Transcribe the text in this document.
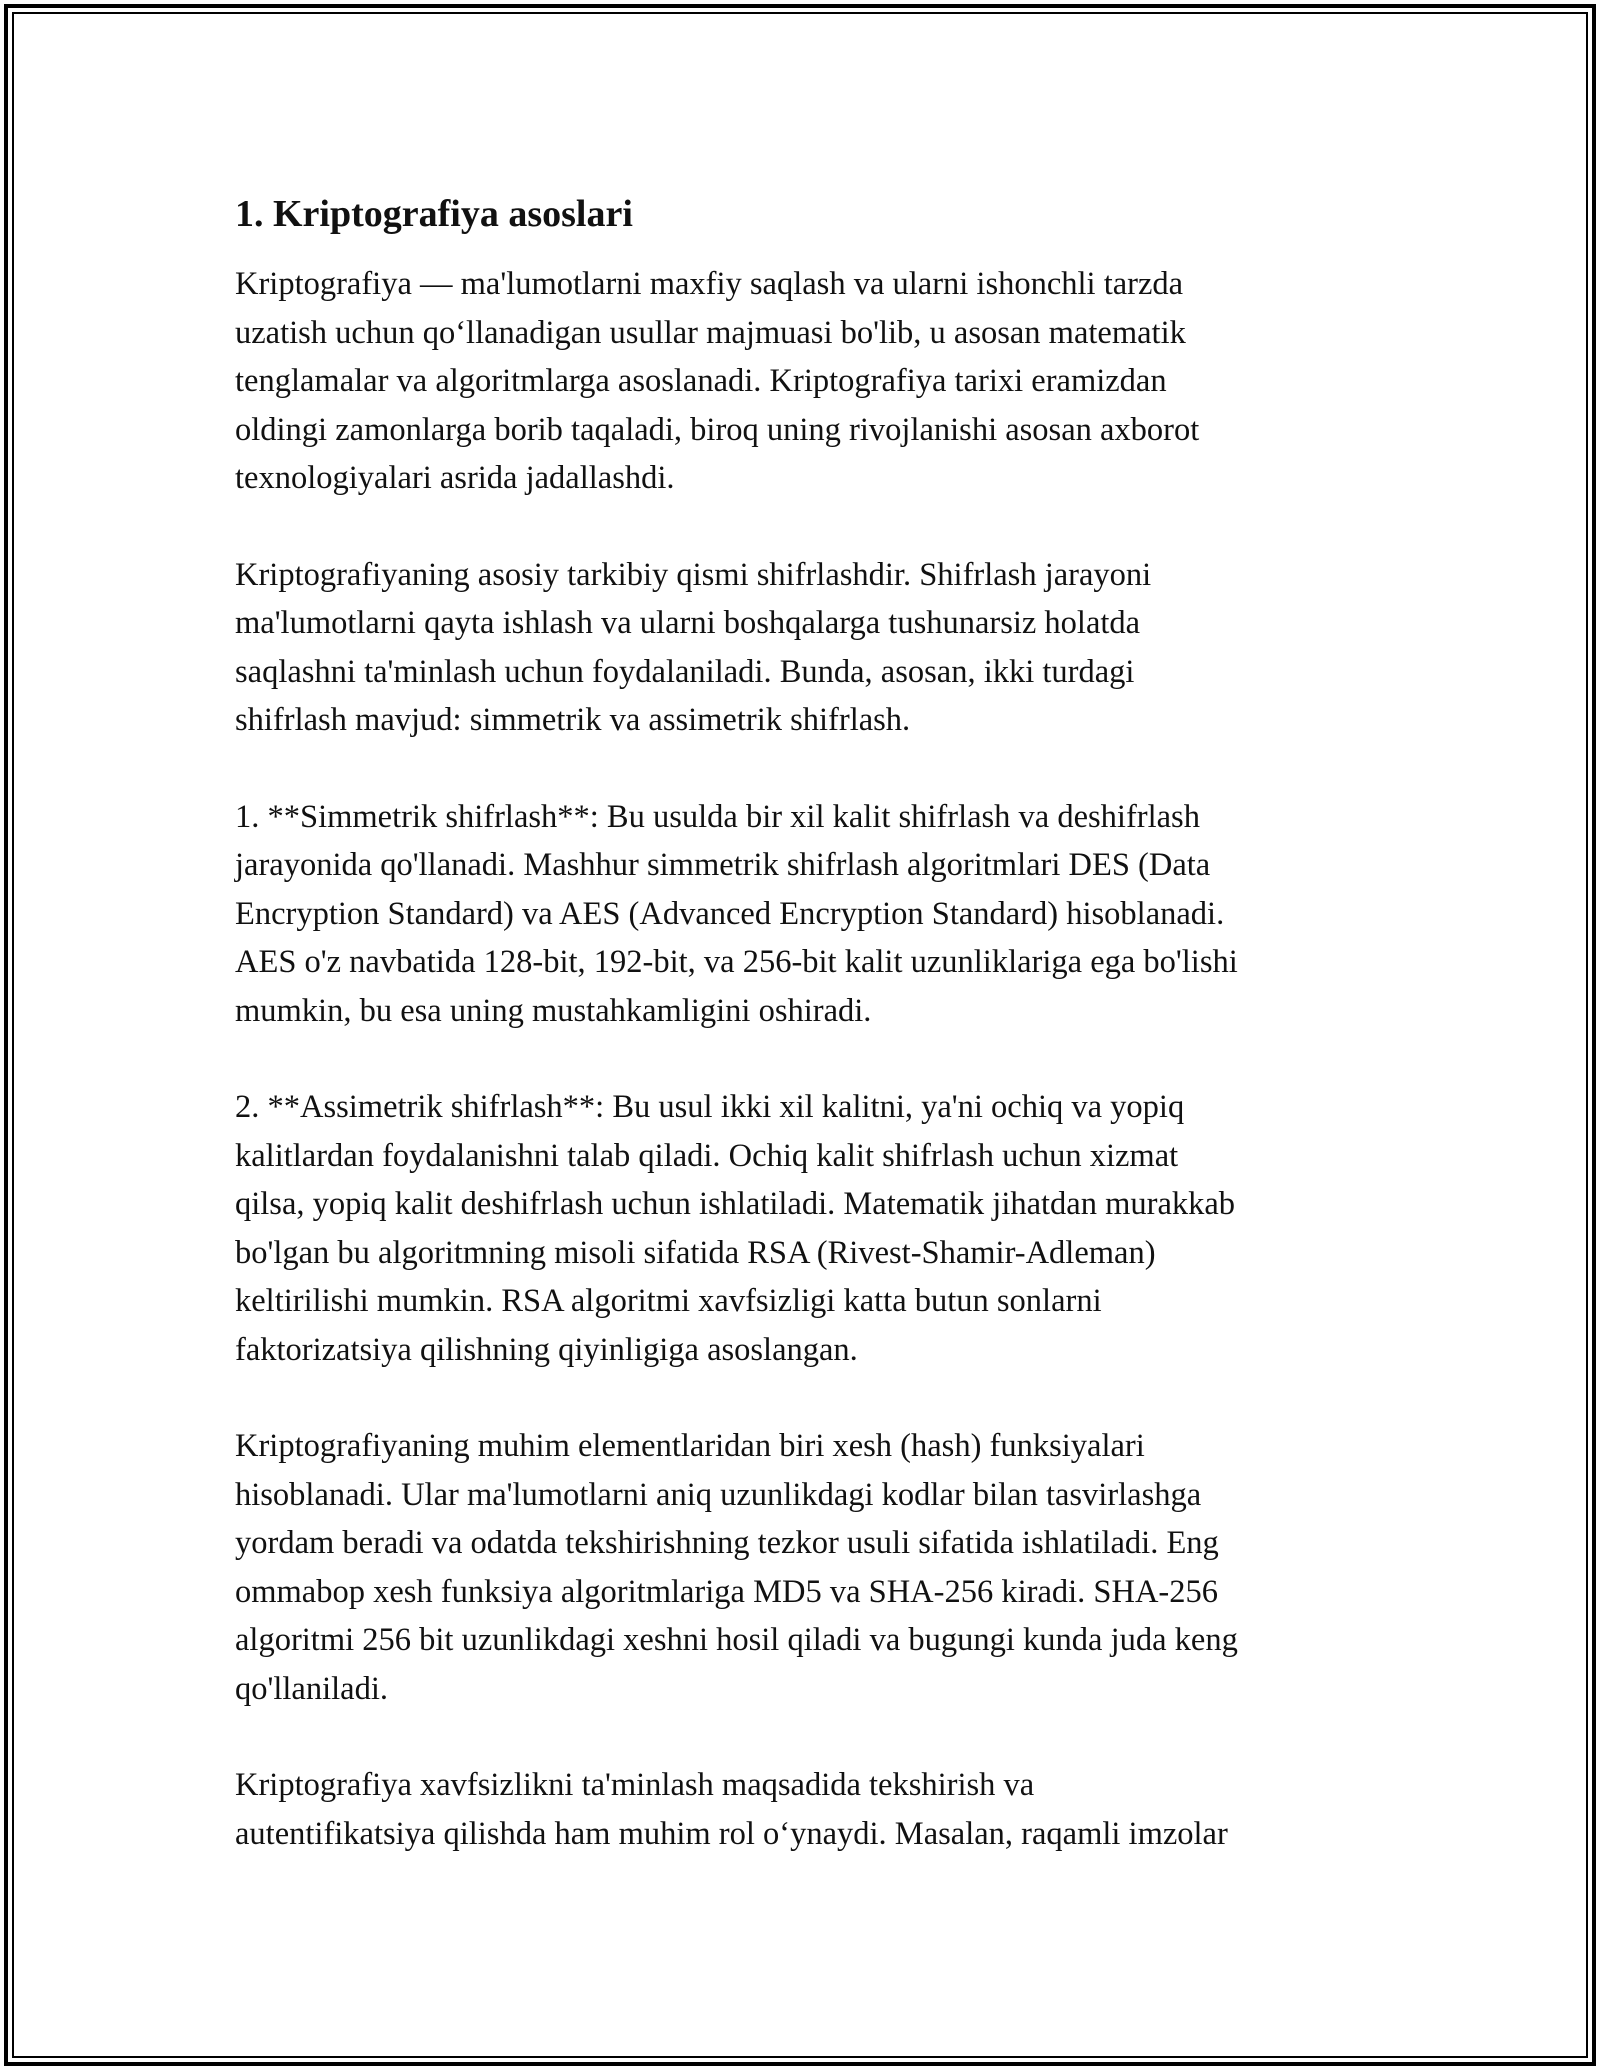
1. Kriptografiya asoslari
Kriptografiya — ma'lumotlarni maxfiy saqlash va ularni ishonchli tarzda
uzatish uchun qo‘llanadigan usullar majmuasi bo'lib, u asosan matematik
tenglamalar va algoritmlarga asoslanadi. Kriptografiya tarixi eramizdan
oldingi zamonlarga borib taqaladi, biroq uning rivojlanishi asosan axborot
texnologiyalari asrida jadallashdi.
Kriptografiyaning asosiy tarkibiy qismi shifrlashdir. Shifrlash jarayoni
ma'lumotlarni qayta ishlash va ularni boshqalarga tushunarsiz holatda
saqlashni ta'minlash uchun foydalaniladi. Bunda, asosan, ikki turdagi
shifrlash mavjud: simmetrik va assimetrik shifrlash.
1. **Simmetrik shifrlash**: Bu usulda bir xil kalit shifrlash va deshifrlash
jarayonida qo'llanadi. Mashhur simmetrik shifrlash algoritmlari DES (Data
Encryption Standard) va AES (Advanced Encryption Standard) hisoblanadi.
AES o'z navbatida 128-bit, 192-bit, va 256-bit kalit uzunliklariga ega bo'lishi
mumkin, bu esa uning mustahkamligini oshiradi.
2. **Assimetrik shifrlash**: Bu usul ikki xil kalitni, ya'ni ochiq va yopiq
kalitlardan foydalanishni talab qiladi. Ochiq kalit shifrlash uchun xizmat
qilsa, yopiq kalit deshifrlash uchun ishlatiladi. Matematik jihatdan murakkab
bo'lgan bu algoritmning misoli sifatida RSA (Rivest-Shamir-Adleman)
keltirilishi mumkin. RSA algoritmi xavfsizligi katta butun sonlarni
faktorizatsiya qilishning qiyinligiga asoslangan.
Kriptografiyaning muhim elementlaridan biri xesh (hash) funksiyalari
hisoblanadi. Ular ma'lumotlarni aniq uzunlikdagi kodlar bilan tasvirlashga
yordam beradi va odatda tekshirishning tezkor usuli sifatida ishlatiladi. Eng
ommabop xesh funksiya algoritmlariga MD5 va SHA-256 kiradi. SHA-256
algoritmi 256 bit uzunlikdagi xeshni hosil qiladi va bugungi kunda juda keng
qo'llaniladi.
Kriptografiya xavfsizlikni ta'minlash maqsadida tekshirish va
autentifikatsiya qilishda ham muhim rol o‘ynaydi. Masalan, raqamli imzolar
